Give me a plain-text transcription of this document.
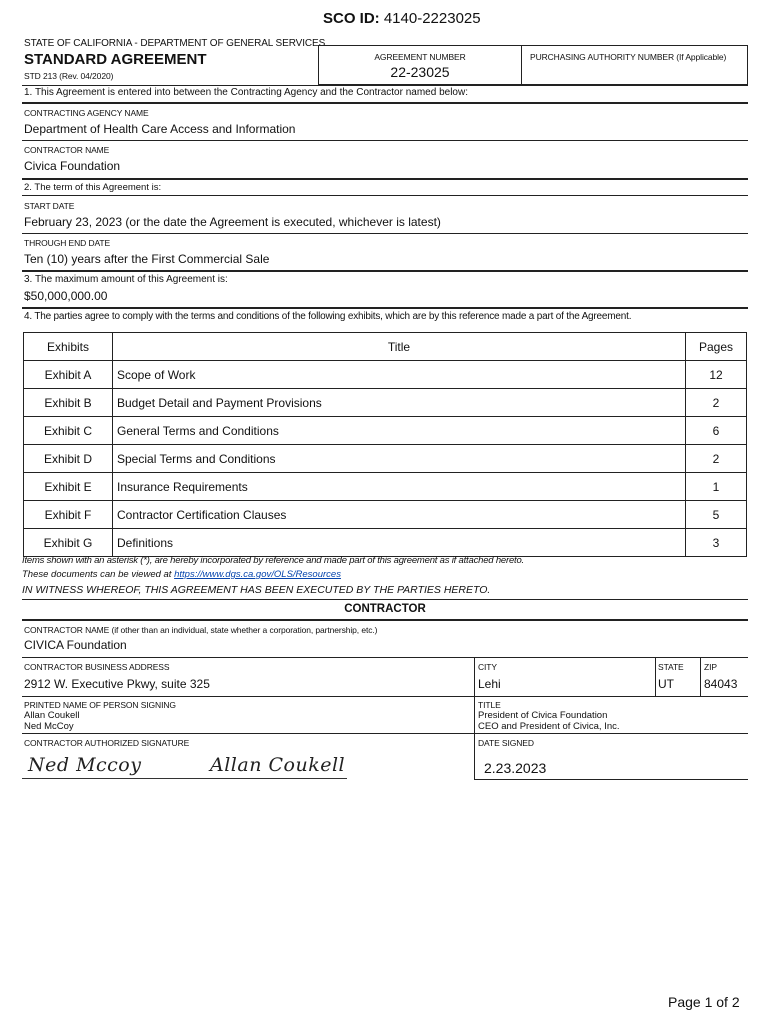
SCO ID: 4140-2223025
STATE OF CALIFORNIA - DEPARTMENT OF GENERAL SERVICES
STANDARD AGREEMENT
STD 213 (Rev. 04/2020)
AGREEMENT NUMBER
22-23025
PURCHASING AUTHORITY NUMBER (If Applicable)
1. This Agreement is entered into between the Contracting Agency and the Contractor named below:
CONTRACTING AGENCY NAME
Department of Health Care Access and Information
CONTRACTOR NAME
Civica Foundation
2. The term of this Agreement is:
START DATE
February 23, 2023 (or the date the Agreement is executed, whichever is latest)
THROUGH END DATE
Ten (10) years after the First Commercial Sale
3. The maximum amount of this Agreement is:
$50,000,000.00
4. The parties agree to comply with the terms and conditions of the following exhibits, which are by this reference made a part of the Agreement.
Exhibits	Title	Pages
Exhibit A	Scope of Work	12
Exhibit B	Budget Detail and Payment Provisions	2
Exhibit C	General Terms and Conditions	6
Exhibit D	Special Terms and Conditions	2
Exhibit E	Insurance Requirements	1
Exhibit F	Contractor Certification Clauses	5
Exhibit G	Definitions	3
Items shown with an asterisk (*), are hereby incorporated by reference and made part of this agreement as if attached hereto.
These documents can be viewed at https://www.dgs.ca.gov/OLS/Resources
IN WITNESS WHEREOF, THIS AGREEMENT HAS BEEN EXECUTED BY THE PARTIES HERETO.
CONTRACTOR
CONTRACTOR NAME (if other than an individual, state whether a corporation, partnership, etc.)
CIVICA Foundation
CONTRACTOR BUSINESS ADDRESS
2912 W. Executive Pkwy, suite 325
CITY
Lehi
STATE
UT
ZIP
84043
PRINTED NAME OF PERSON SIGNING
Allan Coukell
Ned McCoy
TITLE
President of Civica Foundation
CEO and President of Civica, Inc.
CONTRACTOR AUTHORIZED SIGNATURE	DATE SIGNED
Ned Mccoy	Allan Coukell	2.23.2023
Page 1 of 2
